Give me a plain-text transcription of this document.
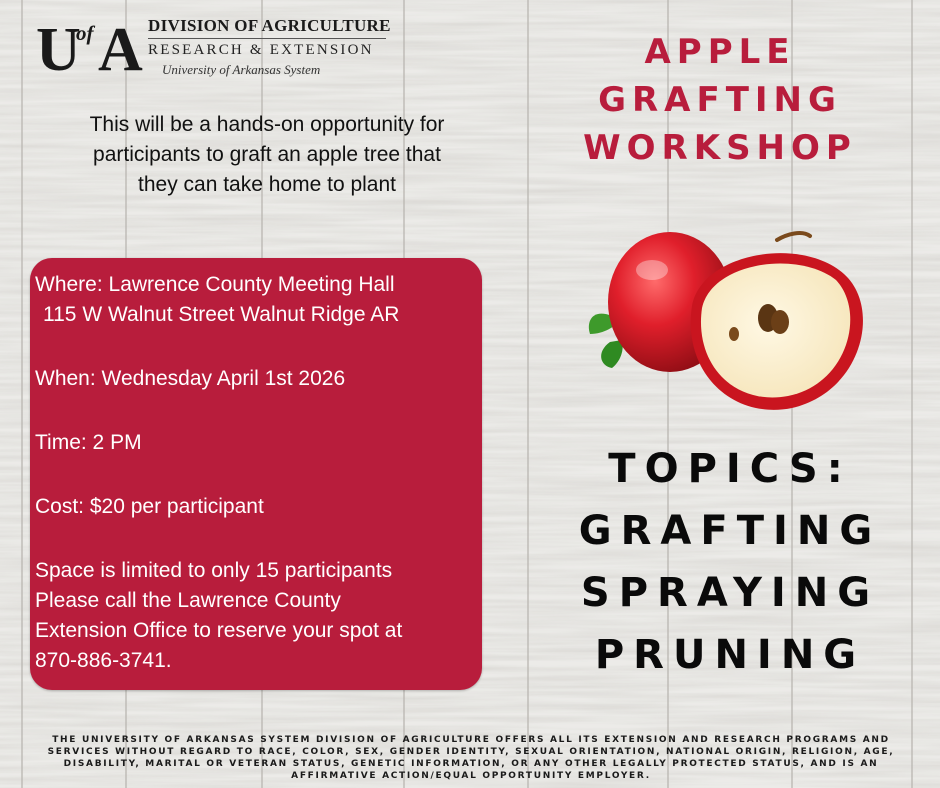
U
of A DIVISION OF AGRICULTURE
RESEARCH & EXTENSION
University of Arkansas System
This will be a hands-on opportunity for
participants to graft an apple tree that
they can take home to plant
Where: Lawrence County Meeting Hall
115 W Walnut Street Walnut Ridge AR
When: Wednesday April 1st 2026
Time: 2 PM
Cost: $20 per participant
Space is limited to only 15 participants
Please call the Lawrence County
Extension Office to reserve your spot at
870-886-3741.
APPLE
GRAFTING
WORKSHOP
TOPICS:
GRAFTING
SPRAYING
PRUNING
THE UNIVERSITY OF ARKANSAS SYSTEM DIVISION OF AGRICULTURE OFFERS ALL ITS EXTENSION AND RESEARCH PROGRAMS AND
SERVICES WITHOUT REGARD TO RACE, COLOR, SEX, GENDER IDENTITY, SEXUAL ORIENTATION, NATIONAL ORIGIN, RELIGION, AGE,
DISABILITY, MARITAL OR VETERAN STATUS, GENETIC INFORMATION, OR ANY OTHER LEGALLY PROTECTED STATUS, AND IS AN
AFFIRMATIVE ACTION/EQUAL OPPORTUNITY EMPLOYER.
